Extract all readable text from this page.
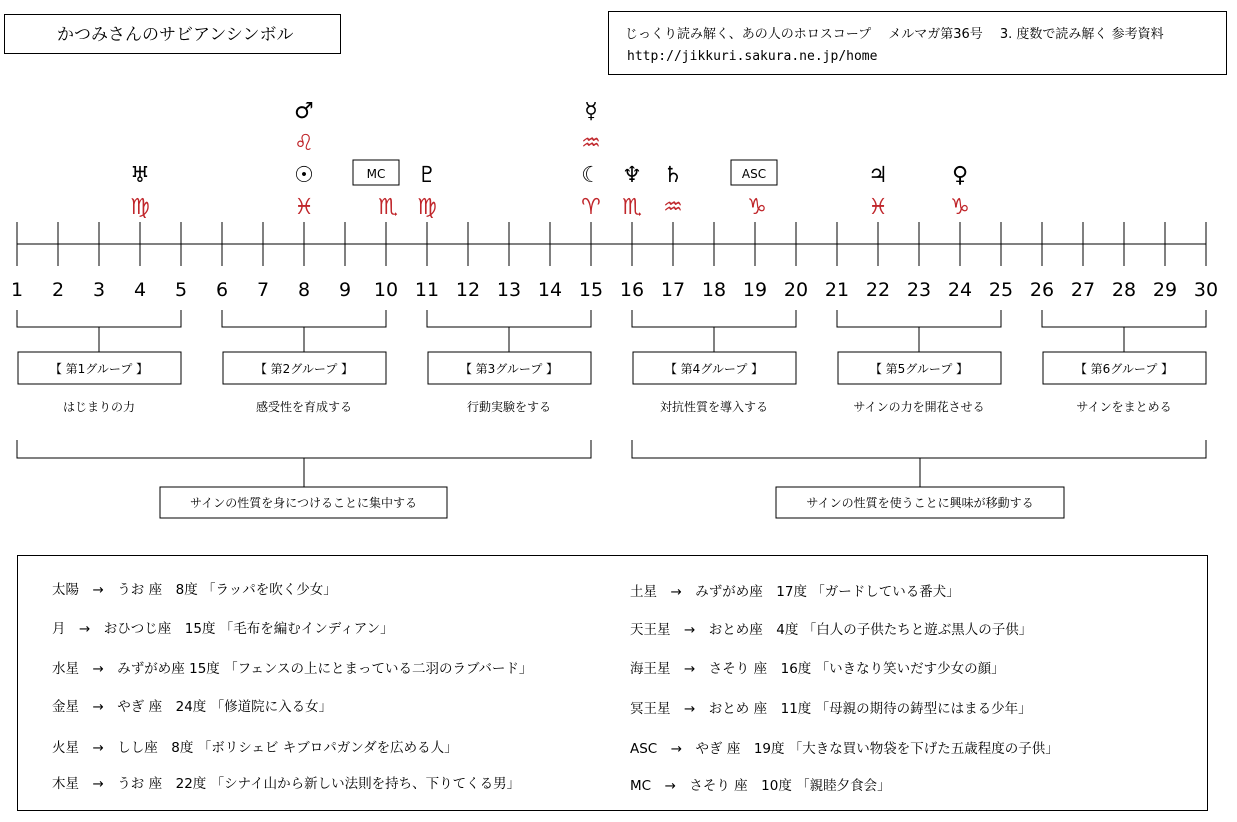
かつみさんのサビアンシンボル	じっくり読み解く、あの人のホロスコープ　 メルマガ第36号　 3. 度数で読み解く 参考資料
http://jikkuri.sakura.ne.jp/home
1 2 3 4 5 6 7 8 9 10 11 12 13 14 15 16 17 18 19 20 21 22 23 24 25 26 27 28 29 30
♅
♍
☉
♓
♂
♌
MC
♏
♇
♍
☾
♈
☿
♒
♆
♏
♄
♒
ASC
♑
♃
♓
♀
♑
【 第1グループ 】
はじまりの力
【 第2グループ 】
感受性を育成する
【 第3グループ 】
行動実験をする
【 第4グループ 】
対抗性質を導入する
【 第5グループ 】
サインの力を開花させる
【 第6グループ 】
サインをまとめる
サインの性質を身につけることに集中する	サインの性質を使うことに興味が移動する
太陽　→　うお 座　8度 「ラッパを吹く少女」
月　→　おひつじ座　15度 「毛布を編むインディアン」
水星　→　みずがめ座 15度 「フェンスの上にとまっている二羽のラブバード」
金星　→　やぎ 座　24度 「修道院に入る女」
火星　→　しし座　8度 「ボリシェビ キブロパガンダを広める人」
木星　→　うお 座　22度 「シナイ山から新しい法則を持ち、下りてくる男」
土星　→　みずがめ座　17度 「ガードしている番犬」
天王星　→　おとめ座　4度 「白人の子供たちと遊ぶ黒人の子供」
海王星　→　さそり 座　16度 「いきなり笑いだす少女の顔」
冥王星　→　おとめ 座　11度 「母親の期待の鋳型にはまる少年」
ASC　→　やぎ 座　19度 「大きな買い物袋を下げた五歳程度の子供」
MC　→　さそり 座　10度 「親睦夕食会」
